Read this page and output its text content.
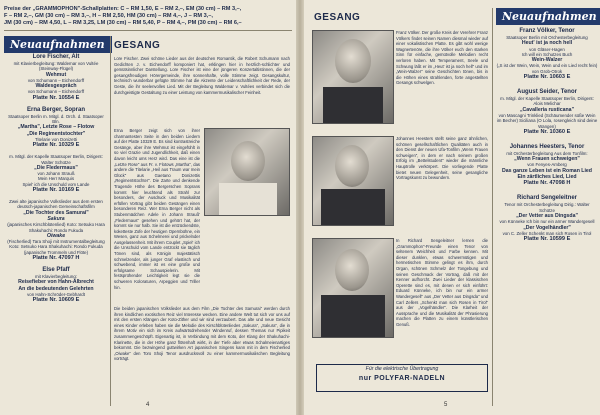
Preise der „GRAMMOPHON"-Schallplatten: C – RM 1,50, E – RM 2,–, EM (30 cm) – RM 3,–,
F – RM 2,–, GM (30 cm) – RM 3,–, H – RM 2,50, HM (30 cm) – RM 4,–, J – RM 3,–,
JM (30 cm) – RM 4,50, L – RM 3,25, LM (30 cm) – RM 5,40, P – RM 4,–, PM (30 cm) – RM 6,–
Neuaufnahmen
Lore Fischer, Alt
mit Klavierbegleitung: Waldemar von Vultée (Steinway-Flügel)
Wehmut
von Schumann – Eichendorff
Waldesgespräch
von Schumann – Eichendorff
Platte Nr. 10554 E
Erna Berger, Sopran
Staatsoper Berlin m. Mitgl. d. Orch. d. Staatsoper Bln.
„Martha", Letzte Rose – Flotow
„Die Regimentstochter"
Titelarie von Donizetti
Platte Nr. 10329 E
m. Mitgl. der Kapelle Staatsoper Berlin, Dirigent: Walter Schütze
„Die Fledermaus"
von Johann Strauß
Mein Herr Marquis
Spiel' ich die Unschuld vom Lande
Platte Nr. 10169 E
Zwei alte japanische Volkslieder aus dem ersten deutsch-japanischen Gemeinschaftsfilm
„Die Tochter des Samurai"
Sakura
(japanisches Kirschblütenlied) Koto: Setsuko Hara Shakuhachi: Rondo Fukuda
Oiwake
(Fischerlied) Tara Shoji mit Instrumentalbegleitung Koto: Setsuko Hara Shakuhachi: Rondo Fukuda (japanische Trommeln und Flöte)
Platte Nr. 47097 H
Else Pfaff
mit Klavierbegleitung:
Reisefieber von Hahn-Albrecht
An die bedeutenden Gelehrten
von Hahn-Schröder-Gebhardt
Platte Nr. 10609 E
GESANG
Lore Fischer. Zwei schöne Lieder aus der deutschen Romantik, die Robert Schumann nach Gedichten J. v. Eichendorff komponiert hat, erklingen hier in herzlich-schlichter und gemütsinnlicher Darstellung. Lore Fischer ist eine der jüngeren Konzertaltistinnen, die der gesangsfreudigen Hörergemeinde, ihre sonnenhafte, volle Stimme zeigt. Gesangskultur, technisch wunderbar gefügte Stimme hat die Akzente der Leidenschaftlichkeit der Rede, der Geste, die ihr seelenvolles Lied. Mit der Begleitung Waldemar v. Vultées verbindet sich die durchgeistigte Gestaltung zu einer Leistung von kammermusikalischer Feinheit.
Erna Berger zeigt sich von ihrer charmantesten Seite in den beiden Liedern auf der Platte 10329 E. Es sind kontrastreiche Gesänge, aber ihre Wehmut ist eingefühlt in so viel Grazie und Jugendlichkeit, daß einen davon leicht ums Herz wird. Das eine ist die „Letzte Rose" aus Fr. v. Flotows „Martha", das andere die Titelarie „Heil aus Traum war mein Glück" aus Gaetano Donizettis „Regimentstochter". Die Zarte und denkende Tragende Höhe des Bergerschen Soprans kommt hier leuchtend als Strahl zur besonders, der Ausdruck und Musikalität erfüllen Vortrag gibt beiden Gesängen einen besonderen Reiz. Wer Erna Berger nicht als Stubenmädchen Adele in Johann Strauß' „Fledermaus" gesehen und gehört hat, der kommt sie nur halb. Sie ist die entzückendste, koketteste Zofe der heutigen Opernbühne, ein Wesen, ganz aus Schelmerei und prickelnder Ausgelassenheit. Mit ihrem Couplet „Spiel' ich die Unschuld vom Lande entzückt sie täglich Tönen sind, als Königin majestätisch schmelzender, als junger Graf elastisch und schwebend, immer ist es eine große und erfolgsame Schauspielerin. Mit festsprühender Leichtigkeit legt sie die schweren Koloraturen, Arpeggien und Triller hin.
Die beiden japanischen Volkslieder aus dem Film „Die Tochter des Samurai" werden durch ihren kindlichen exotischen Reiz viel Interesse wecken. Eine andere Welt tut sich vor uns auf mit den ersten Klängen der Koto-Zither und wir sind verzaubert. Das alte und neue Gesicht eines Kinder erleben haben sie die Melodie des Kirschblütenliedes „Sakura", „Sakura", die in ihrem Motiv ein sich im Kreis aufwärtsdrehender Windenruf, dessen Themas nur Pipikeit zusammengeschöpft. Eigenartig ist, in Verbindung mit dem Koto, der Klang der Shakuhachi-Klarinette, die in der Höhe ganz flötenhaft wirkt, in der Tiefe aber etwas Schalmeienartiges bekommt. Die bezwingend guttwirken Art japanischen Singens kann mit in dem Fischerlied „Oiwake" den Toro Shoji Tenor ausdrucksvoll zu einer kammermusikalischen Begleitung vorträgt.
4
GESANG
Franz Völker. Der große Kreis der Verehrer Franz Völkers findet seinen Namen diesmal wieder auf einer vokalistischen Platte. Es gibt wohl wenige Wagnertenöre, die ihre Völker euch den starken Sinn für einfache, gemütvolle Melodien recht verloren haben. Mit Temperament, Seele und Schwung läßt er im „Heut' ist ja noch hell" und im „Wein-Walzer" seine Geschichten tönen, bis in die Höhen eines strahlenden, forte angestellten Gesangs schwelgen.
Johannes Heesters stellt seine ganz ähnlichen, schönen gesellschaftlichen Qualitäten auch in den Dienst der neuen Ufa-Tonfilm „Wenn Frauen schweigen", in dem er nach seinem großen Erfolg im „Bettelstudent" wieder die männliche Hauptrolle verkörpert. Die vorliegende Platte bietet neuen Gelegenheit, seine gesangliche Vortragskunst zu bewundern.
In Richard Sengeleitner lernen die „Grammophon"-Freunde einen Tenor von seltenem Weichheit und Farbe kennen. Mit dieser dunklen, etwas schwermütigen und hermetischen Stimme gelingt es ihm, durch Organ, schönen Schmelz der Tongebung und seinen Geschmack der Vortrag, daß mit der Kenner aufhorcht. Zwei Lieder der klassischen Operette sind es, mit denen er sich einführt: Eduard Künneke, ich bin nur ein armer Wandergesell" aus „Der Vetter aus Dingsda" und Carl Zellers „Schenkt man sich Rosen in Tirol" aus der „Vogelhändler". Die Klarheit der Aussprache und die Musikalität der Phrasierung machen die Platten zu einem künstlerischen Genuß.
Für die elektrische Übertragung
nur POLYFAR-NADELN
Neuaufnahmen
Franz Völker, Tenor
Staatsoper Berlin mit Orchesterbegleitung
Heut' ist ja noch hell
von Gläser-Hagen
Ich will ein Schutzes Buch
Wein-Walzer
(„S ist der Wein, Wein, Wein und ein Lied recht fein) von Grob-Otrok
Platte Nr. 10603 E
August Seider, Tenor
m. Mitgl. der Kapelle Staatsoper Berlin, Dirigent: Alois Melichar
„Cavalleria rusticana"
von Mascagni Trinklied (Schäumender süße Wein im Becher) Siciliana (O Lola, rosengleich sind deine Wangen)
Platte Nr. 10360 E
Johannes Heesters, Tenor
mit Orchesterbegleitung Aus dem Tonfilm:
„Wenn Frauen schweigen"
von Fenyes-Amberg
Das ganze Leben ist ein Roman Lied
Ein zärtliches Lied, Lied
Platte Nr. 47098 H
Richard Sengeleitner
Tenor mit Orchesterbegleitung Dirig.: Walter Schütze
„Der Vetter aus Dingsda"
von Künneke Ich bin nur ein armer Wandergesell
„Der Vogelhändler"
von C. Zeller Schenkt man sich Rosen in Tirol
Platte Nr. 10599 E
5
